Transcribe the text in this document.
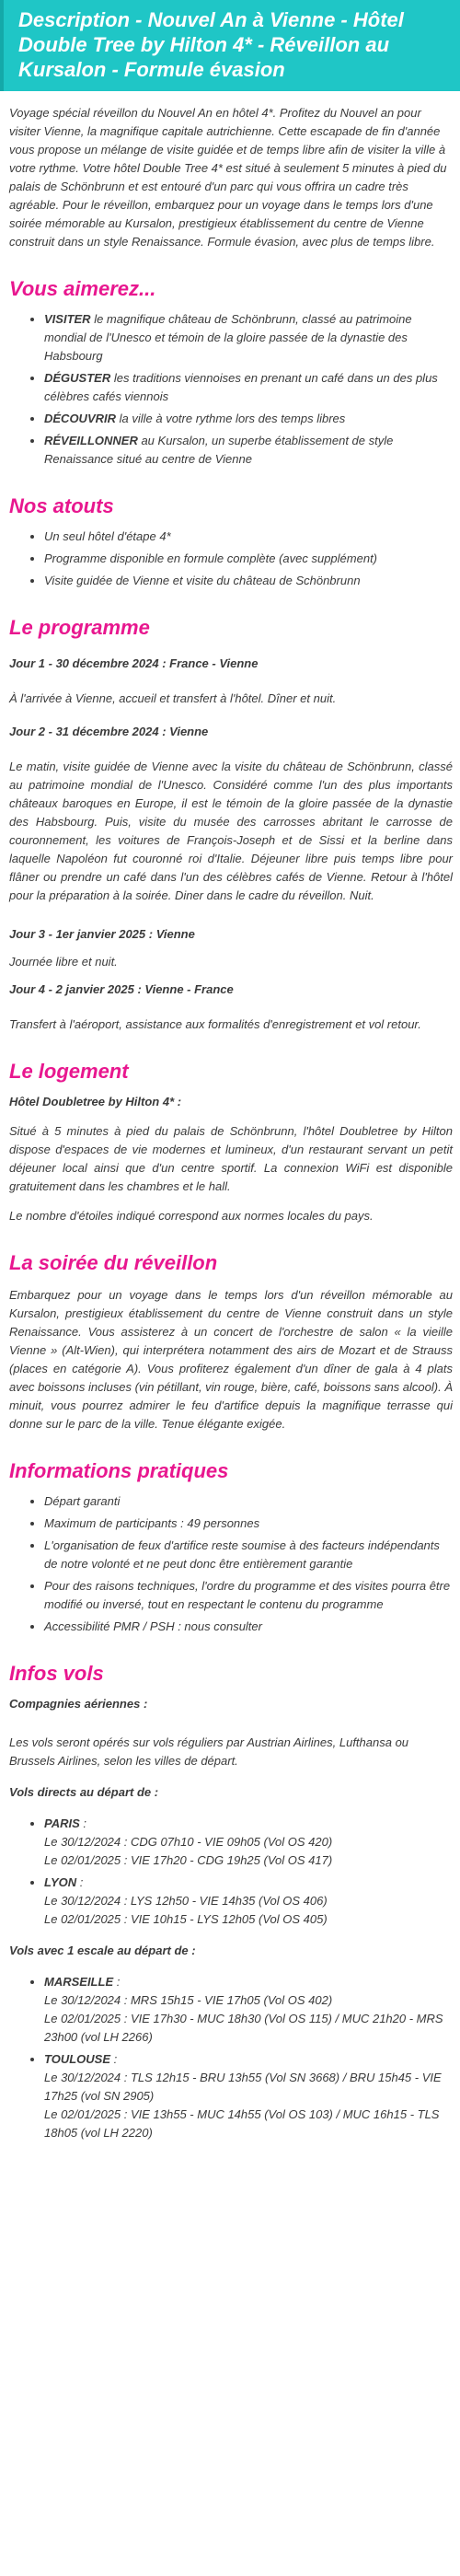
Description - Nouvel An à Vienne - Hôtel Double Tree by Hilton 4* - Réveillon au Kursalon - Formule évasion

Voyage spécial réveillon du Nouvel An en hôtel 4*. Profitez du Nouvel an pour visiter Vienne, la magnifique capitale autrichienne. Cette escapade de fin d'année vous propose un mélange de visite guidée et de temps libre afin de visiter la ville à votre rythme. Votre hôtel Double Tree 4* est situé à seulement 5 minutes à pied du palais de Schönbrunn et est entouré d'un parc qui vous offrira un cadre très agréable. Pour le réveillon, embarquez pour un voyage dans le temps lors d'une soirée mémorable au Kursalon, prestigieux établissement du centre de Vienne construit dans un style Renaissance. Formule évasion, avec plus de temps libre.

Vous aimerez...
• VISITER le magnifique château de Schönbrunn, classé au patrimoine mondial de l'Unesco et témoin de la gloire passée de la dynastie des Habsbourg
• DÉGUSTER les traditions viennoises en prenant un café dans un des plus célèbres cafés viennois
• DÉCOUVRIR la ville à votre rythme lors des temps libres
• RÉVEILLONNER au Kursalon, un superbe établissement de style Renaissance situé au centre de Vienne
Nos atouts
• Un seul hôtel d'étape 4*
• Programme disponible en formule complète (avec supplément)
• Visite guidée de Vienne et visite du château de Schönbrunn
Le programme

Jour 1 - 30 décembre 2024 : France - Vienne

À l'arrivée à Vienne, accueil et transfert à l'hôtel. Dîner et nuit.

Jour 2 - 31 décembre 2024 : Vienne

Le matin, visite guidée de Vienne avec la visite du château de Schönbrunn, classé au patrimoine mondial de l'Unesco. Considéré comme l'un des plus importants châteaux baroques en Europe, il est le témoin de la gloire passée de la dynastie des Habsbourg. Puis, visite du musée des carrosses abritant le carrosse de couronnement, les voitures de François-Joseph et de Sissi et la berline dans laquelle Napoléon fut couronné roi d'Italie. Déjeuner libre puis temps libre pour flâner ou prendre un café dans l'un des célèbres cafés de Vienne. Retour à l'hôtel pour la préparation à la soirée. Diner dans le cadre du réveillon. Nuit.

Jour 3 - 1er janvier 2025 : Vienne

Journée libre et nuit.

Jour 4 - 2 janvier 2025 : Vienne - France

Transfert à l'aéroport, assistance aux formalités d'enregistrement et vol retour.

Le logement

Hôtel Doubletree by Hilton 4* :

Situé à 5 minutes à pied du palais de Schönbrunn, l'hôtel Doubletree by Hilton dispose d'espaces de vie modernes et lumineux, d'un restaurant servant un petit déjeuner local ainsi que d'un centre sportif. La connexion WiFi est disponible gratuitement dans les chambres et le hall.

Le nombre d'étoiles indiqué correspond aux normes locales du pays.

La soirée du réveillon

Embarquez pour un voyage dans le temps lors d'un réveillon mémorable au Kursalon, prestigieux établissement du centre de Vienne construit dans un style Renaissance. Vous assisterez à un concert de l'orchestre de salon « la vieille Vienne » (Alt-Wien), qui interprétera notamment des airs de Mozart et de Strauss (places en catégorie A). Vous profiterez également d'un dîner de gala à 4 plats avec boissons incluses (vin pétillant, vin rouge, bière, café, boissons sans alcool). À minuit, vous pourrez admirer le feu d'artifice depuis la magnifique terrasse qui donne sur le parc de la ville. Tenue élégante exigée.

Informations pratiques
• Départ garanti
• Maximum de participants : 49 personnes
• L'organisation de feux d'artifice reste soumise à des facteurs indépendants de notre volonté et ne peut donc être entièrement garantie
• Pour des raisons techniques, l'ordre du programme et des visites pourra être modifié ou inversé, tout en respectant le contenu du programme
• Accessibilité PMR / PSH : nous consulter
Infos vols

Compagnies aériennes :

Les vols seront opérés sur vols réguliers par Austrian Airlines, Lufthansa ou Brussels Airlines, selon les villes de départ.

Vols directs au départ de :

• PARIS :
Le 30/12/2024 : CDG 07h10 - VIE 09h05 (Vol OS 420)
Le 02/01/2025 : VIE 17h20 - CDG 19h25 (Vol OS 417)
• LYON :
Le 30/12/2024 : LYS 12h50 - VIE 14h35 (Vol OS 406)
Le 02/01/2025 : VIE 10h15 - LYS 12h05 (Vol OS 405)

Vols avec 1 escale au départ de :

• MARSEILLE :
Le 30/12/2024 : MRS 15h15 - VIE 17h05 (Vol OS 402)
Le 02/01/2025 : VIE 17h30 - MUC 18h30 (Vol OS 115) / MUC 21h20 - MRS 23h00 (vol LH 2266)
• TOULOUSE :
Le 30/12/2024 : TLS 12h15 - BRU 13h55 (Vol SN 3668) / BRU 15h45 - VIE 17h25 (vol SN 2905)
Le 02/01/2025 : VIE 13h55 - MUC 14h55 (Vol OS 103) / MUC 16h15 - TLS 18h05 (vol LH 2220)
